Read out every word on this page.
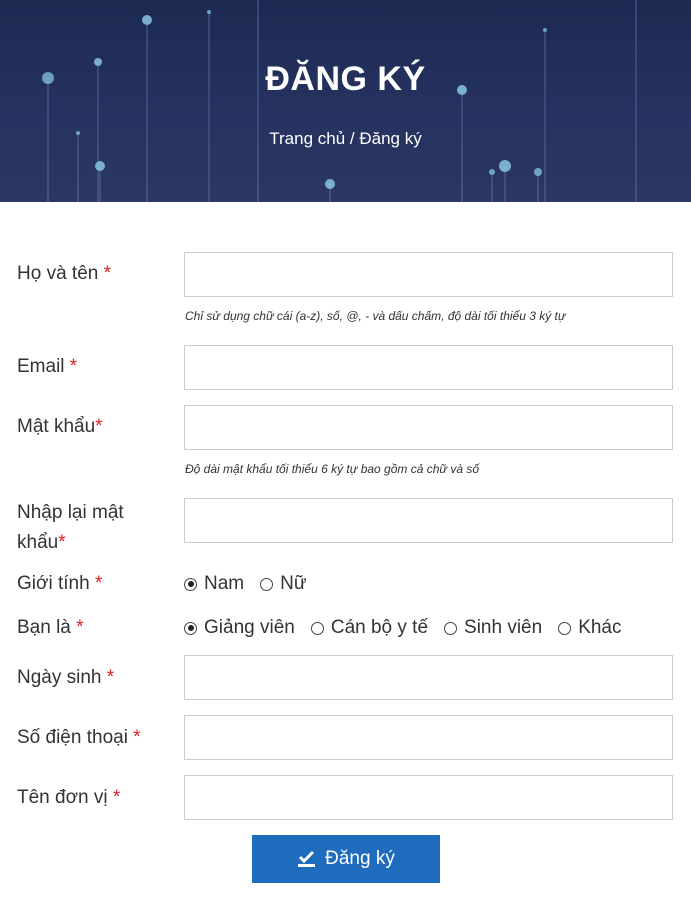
ĐĂNG KÝ
Trang chủ / Đăng ký
Họ và tên *
Chỉ sử dụng chữ cái (a-z), số, @, - và dấu chấm, độ dài tối thiểu 3 ký tự
Email *
Mật khẩu*
Độ dài mật khẩu tối thiểu 6 ký tự bao gồm cả chữ và số
Nhập lại mật khẩu*
Giới tính *	Nam Nữ
Bạn là *	Giảng viên Cán bộ y tế Sinh viên Khác
Ngày sinh *
Số điện thoại *
Tên đơn vị *
Đăng ký
